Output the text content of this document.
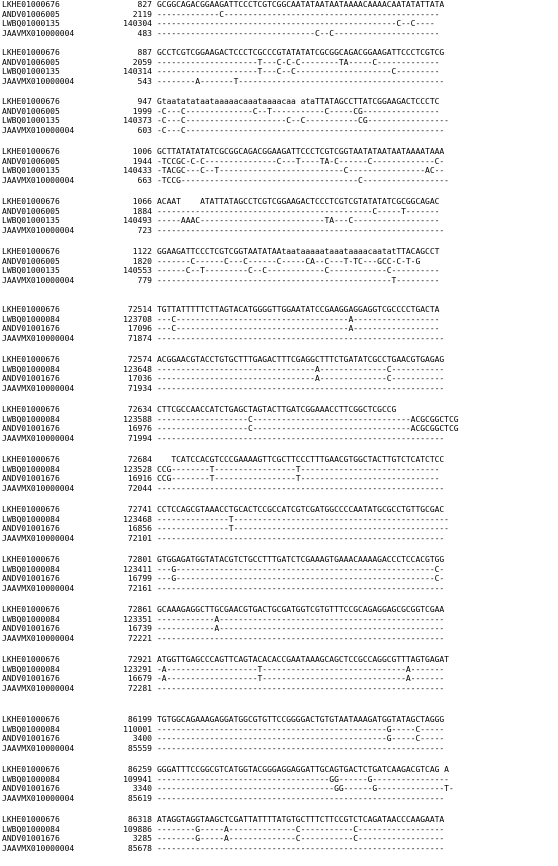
LKHE01000676	827 GCGGCAGACGGAAGATTCCCTCGTCGGCAATATAATAATAAAACAAAACAATATATTATA
ANDV01006005	2119 -------------C---------------------------------------------
LWBQ01000135	140304 --------------------------------------------------C--C----
JAAVMX010000004	483 ---------------------------------C--C----------------------
LKHE01000676	887 GCCTCGTCGGAAGACTCCCTCGCCCGTATATATCGCGGCAGACGGAAGATTCCCTCGTCG
ANDV01006005	2059 ---------------------T---C-C-C--------TA-----C-------------
LWBQ01000135	140314 ---------------------T---C--C--------------------C---------
JAAVMX010000004	543 --------A-------T-------------------------------------------
LKHE01000676	947 Gtaatatataataaaaacaaataaaacaa ataTTATAGCCTTATCGGAAGACTCCCTC
ANDV01006005	1999 -C---C--------------C--T-----------C-----CG----------------
LWBQ01000135	140373 -C---C---------------------C--C-----------CG-----------------
JAAVMX010000004	603 -C---C------------------------------------------------------
LKHE01000676	1006 GCTTATATATATCGCGGCAGACGGAAGATTCCCTCGTCGGTAATATAATAATAAAATAAA
ANDV01006005	1944 -TCCGC-C-C---------------C---T----TA-C------C-------------C-
LWBQ01000135	140433 -TACGC---C--T--------------------------C----------------AC--
JAAVMX010000004	663 -TCCG-------------------------------------C------------------
LKHE01000676	1066 ACAAT    ATATTATAGCCTCGTCGGAAGACTCCCTCGTCGTATATATCGCGGCAGAC
ANDV01006005	1884 ---------------------------------------------C-----T-------
LWBQ01000135	140493 -----AAAC--------------------------TA---C------------------
JAAVMX010000004	723 ------------------------------------------------------------
LKHE01000676	1122 GGAAGATTCCCTCGTCGGTAATATAAtaataaaaataaataaaacaatatTTACAGCCT
ANDV01006005	1820 -------C------C---C------C-----CA--C---T-TC---GCC-C-T-G
LWBQ01000135	140553 ------C--T---------C--C------------C------------C----------
JAAVMX010000004	779 -------------------------------------------------T---------
LKHE01000676	72514 TGTTATTTTTCTTAGTACATGGGGTTGGAATATCCGAAGGAGGAGGTCGCCCCTGACTA
LWBQ01000084	123708 ---C------------------------------------A------------------
ANDV01001676	17096 ---C------------------------------------A------------------
JAAVMX010000004	71874 ------------------------------------------------------------
LKHE01000676	72574 ACGGAACGTACCTGTGCTTTGAGACTTTCGAGGCTTTCTGATATCGCCTGAACGTGAGAG
LWBQ01000084	123648 ---------------------------------A--------------C-----------
ANDV01001676	17036 ---------------------------------A--------------C-----------
JAAVMX010000004	71934 ------------------------------------------------------------
LKHE01000676	72634 CTTCGCCAACCATCTGAGCTAGTACTTGATCGGAAACCTTCGGCTCGCCG
LWBQ01000084	123588 -------------------C---------------------------------ACGCGGCTCG
ANDV01001676	16976 -------------------C---------------------------------ACGCGGCTCG
JAAVMX010000004	71994 ------------------------------------------------------------
LKHE01000676	72684 TCATCCACGTCCCGAAAAGTTCGCTTCCCTTTGAACGTGGCTACTTGTCTCATCTCC
LWBQ01000084	123528 CCG--------T-----------------T-----------------------------
ANDV01001676	16916 CCG--------T-----------------T-----------------------------
JAAVMX010000004	72044 ------------------------------------------------------------
LKHE01000676	72741 CCTCCAGCGTAAACCTGCACTCCGCCATCGTCGATGGCCCCAATATGCGCCTGTTGCGAC
LWBQ01000084	123468 ---------------T---------------------------------------------
ANDV01001676	16856 ---------------T---------------------------------------------
JAAVMX010000004	72101 ------------------------------------------------------------
LKHE01000676	72801 GTGGAGATGGTATACGTCTGCCTTTGATCTCGAAAGTGAAACAAAAGACCCTCCACGTGG
LWBQ01000084	123411 ---G------------------------------------------------------C-
ANDV01001676	16799 ---G------------------------------------------------------C-
JAAVMX010000004	72161 ------------------------------------------------------------
LKHE01000676	72861 GCAAAGAGGCTTGCGAACGTGACTGCGATGGTCGTGTTTCCGCAGAGGAGCGCGGTCGAA
LWBQ01000084	123351 ------------A-----------------------------------------------
ANDV01001676	16739 ------------A-----------------------------------------------
JAAVMX010000004	72221 ------------------------------------------------------------
LKHE01000676	72921 ATGGTTGAGCCCAGTTCAGTACACACCGAATAAAGCAGCTCCGCCAGGCGTTTAGTGAGAT
LWBQ01000084	123291 -A-------------------T------------------------------A-------
ANDV01001676	16679 -A-------------------T------------------------------A-------
JAAVMX010000004	72281 ------------------------------------------------------------
LKHE01000676	86199 TGTGGCAGAAAGAGGATGGCGTGTTCCGGGGACTGTGTAATAAAGATGGTATAGCTAGGG
LWBQ01000084	110001 ------------------------------------------------G-----C-----
ANDV01001676	3400 ------------------------------------------------G-----C-----
JAAVMX010000004	85559 ------------------------------------------------------------
LKHE01000676	86259 GGGATTTCCGGCGTCATGGTACGGGAGGAGGATTGCAGTGACTCTGATCAAGACGTCAG A
LWBQ01000084	109941 ------------------------------------GG------G----------------
ANDV01001676	3340 -------------------------------------GG------G--------------T-
JAAVMX010000004	85619 ------------------------------------------------------------
LKHE01000676	86318 ATAGGTAGGTAAGCTCGATTATTTTATGTGCTTTCTTCCGTCTCAGATAACCCAAGAATA
LWBQ01000084	109886 --------G-----A--------------C-----------C------------------
ANDV01001676	3285 --------G-----A--------------C-----------C------------------
JAAVMX010000004	85678 ------------------------------------------------------------
